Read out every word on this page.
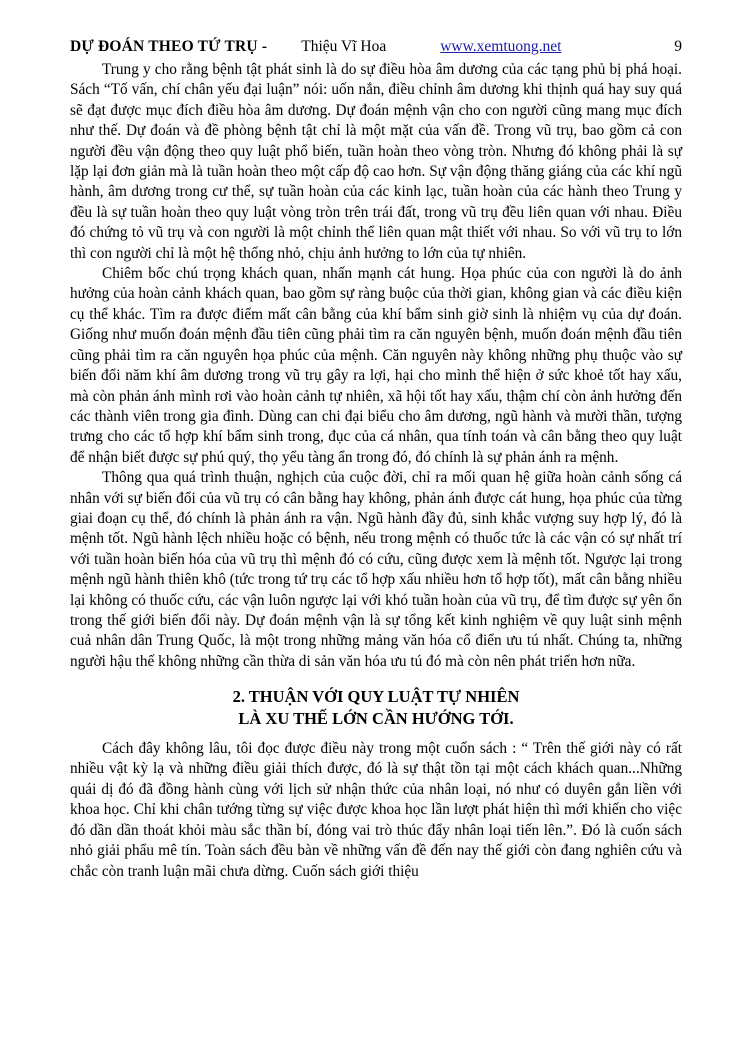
DỰ ĐOÁN THEO TỨ TRỤ - Thiệu Vĩ Hoa	www.xemtuong.net	9

Trung y cho rằng bệnh tật phát sinh là do sự điều hòa âm dương của các tạng phủ bị phá hoại. Sách “Tố vấn, chí chân yếu đại luận” nói: uốn nắn, điều chỉnh âm dương khi thịnh quá hay suy quá sẽ đạt được mục đích điều hòa âm dương. Dự đoán mệnh vận cho con người cũng mang mục đích như thế. Dự đoán và đề phòng bệnh tật chỉ là một mặt của vấn đề. Trong vũ trụ, bao gồm cả con người đều vận động theo quy luật phổ biến, tuần hoàn theo vòng tròn. Nhưng đó không phải là sự lặp lại đơn giản mà là tuần hoàn theo một cấp độ cao hơn. Sự vận động thăng giáng của các khí ngũ hành, âm dương trong cư thể, sự tuần hoàn của các kinh lạc, tuần hoàn của các hành theo Trung y đều là sự tuần hoàn theo quy luật vòng tròn trên trái đất, trong vũ trụ đều liên quan với nhau. Điều đó chứng tỏ vũ trụ và con người là một chỉnh thể liên quan mật thiết với nhau. So với vũ trụ to lớn thì con người chỉ là một hệ thống nhỏ, chịu ảnh hưởng to lớn của tự nhiên.

Chiêm bốc chú trọng khách quan, nhấn mạnh cát hung. Họa phúc của con người là do ảnh hưởng của hoàn cảnh khách quan, bao gồm sự ràng buộc của thời gian, không gian và các điều kiện cụ thể khác. Tìm ra được điểm mất cân bằng của khí bẩm sinh giờ sinh là nhiệm vụ của dự đoán. Giống như muốn đoán mệnh đầu tiên cũng phải tìm ra căn nguyên bệnh, muốn đoán mệnh đầu tiên cũng phải tìm ra căn nguyên họa phúc của mệnh. Căn nguyên này không những phụ thuộc vào sự biến đổi năm khí âm dương trong vũ trụ gây ra lợi, hại cho mình thể hiện ở sức khoẻ tốt hay xấu, mà còn phản ánh mình rơi vào hoàn cảnh tự nhiên, xã hội tốt hay xấu, thậm chí còn ảnh hưởng đến các thành viên trong gia đình. Dùng can chi đại biểu cho âm dương, ngũ hành và mười thần, tượng trưng cho các tổ hợp khí bẩm sinh trong, đục của cá nhân, qua tính toán và cân bằng theo quy luật để nhận biết được sự phú quý, thọ yểu tàng ẩn trong đó, đó chính là sự phản ánh ra mệnh.

Thông qua quá trình thuận, nghịch của cuộc đời, chỉ ra mối quan hệ giữa hoàn cảnh sống cá nhân với sự biến đổi của vũ trụ có cân bằng hay không, phản ánh được cát hung, họa phúc của từng giai đoạn cụ thể, đó chính là phản ánh ra vận. Ngũ hành đầy đủ, sinh khắc vượng suy hợp lý, đó là mệnh tốt. Ngũ hành lệch nhiều hoặc có bệnh, nếu trong mệnh có thuốc tức là các vận có sự nhất trí với tuần hoàn biến hóa của vũ trụ thì mệnh đó có cứu, cũng được xem là mệnh tốt. Ngược lại trong mệnh ngũ hành thiên khô (tức trong tứ trụ các tổ hợp xấu nhiều hơn tổ hợp tốt), mất cân bằng nhiều lại không có thuốc cứu, các vận luôn ngược lại với khó tuần hoàn của vũ trụ, để tìm được sự yên ổn trong thế giới biến đổi này. Dự đoán mệnh vận là sự tổng kết kinh nghiệm về quy luật sinh mệnh cuả nhân dân Trung Quốc, là một trong những mảng văn hóa cổ điển ưu tú nhất. Chúng ta, những người hậu thế không những cần thừa di sản văn hóa ưu tú đó mà còn nên phát triển hơn nữa.

2. THUẬN VỚI QUY LUẬT TỰ NHIÊN
LÀ XU THẾ LỚN CẦN HƯỚNG TỚI.

Cách đây không lâu, tôi đọc được điều này trong một cuốn sách : “ Trên thế giới này có rất nhiều vật kỳ lạ và những điều giải thích được, đó là sự thật tồn tại một cách khách quan...Những quái dị đó đã đồng hành cùng với lịch sử nhận thức của nhân loại, nó như có duyên gắn liền với khoa học. Chỉ khi chân tướng từng sự việc được khoa học lần lượt phát hiện thì mới khiến cho việc đó dần dần thoát khỏi màu sắc thần bí, đóng vai trò thúc đẩy nhân loại tiến lên.”. Đó là cuốn sách nhỏ giải phẩu mê tín. Toàn sách đều bàn về những vấn đề đến nay thế giới còn đang nghiên cứu và chắc còn tranh luận mãi chưa dừng. Cuốn sách giới thiệu
